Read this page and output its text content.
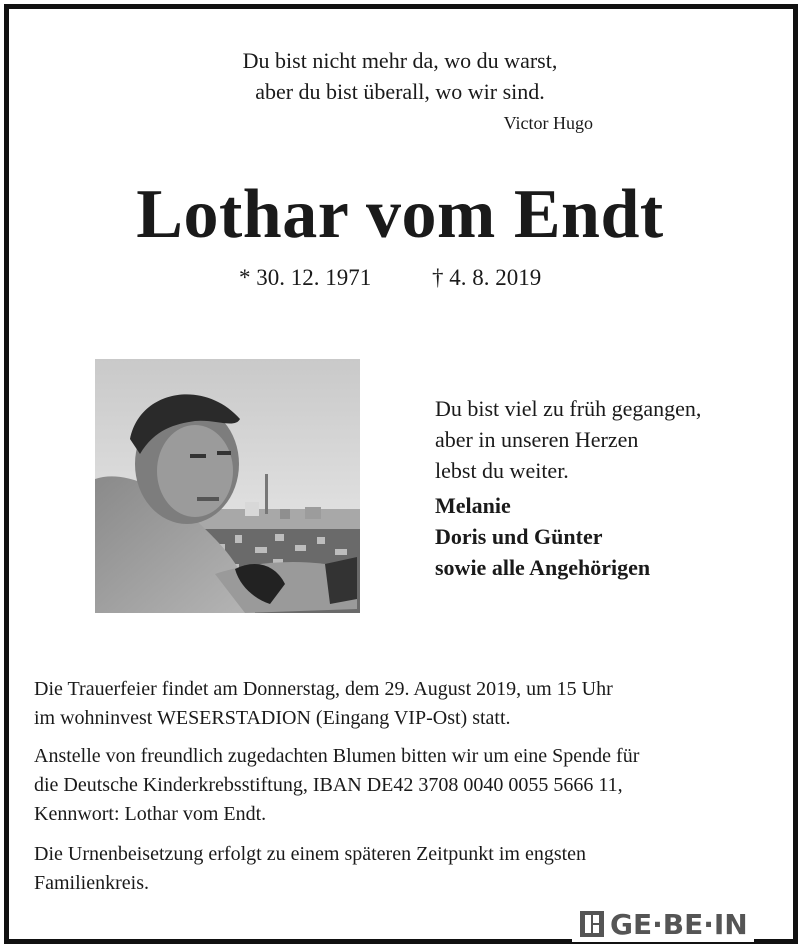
Du bist nicht mehr da, wo du warst,
aber du bist überall, wo wir sind.
Victor Hugo
Lothar vom Endt
* 30. 12. 1971	† 4. 8. 2019
Du bist viel zu früh gegangen,
aber in unseren Herzen
lebst du weiter.
Melanie
Doris und Günter
sowie alle Angehörigen
Die Trauerfeier findet am Donnerstag, dem 29. August 2019, um 15 Uhr
im wohninvest WESERSTADION (Eingang VIP-Ost) statt.
Anstelle von freundlich zugedachten Blumen bitten wir um eine Spende für
die Deutsche Kinderkrebsstiftung, IBAN DE42 3708 0040 0055 5666 11,
Kennwort: Lothar vom Endt.
Die Urnenbeisetzung erfolgt zu einem späteren Zeitpunkt im engsten
Familienkreis.
GE·BE·IN
